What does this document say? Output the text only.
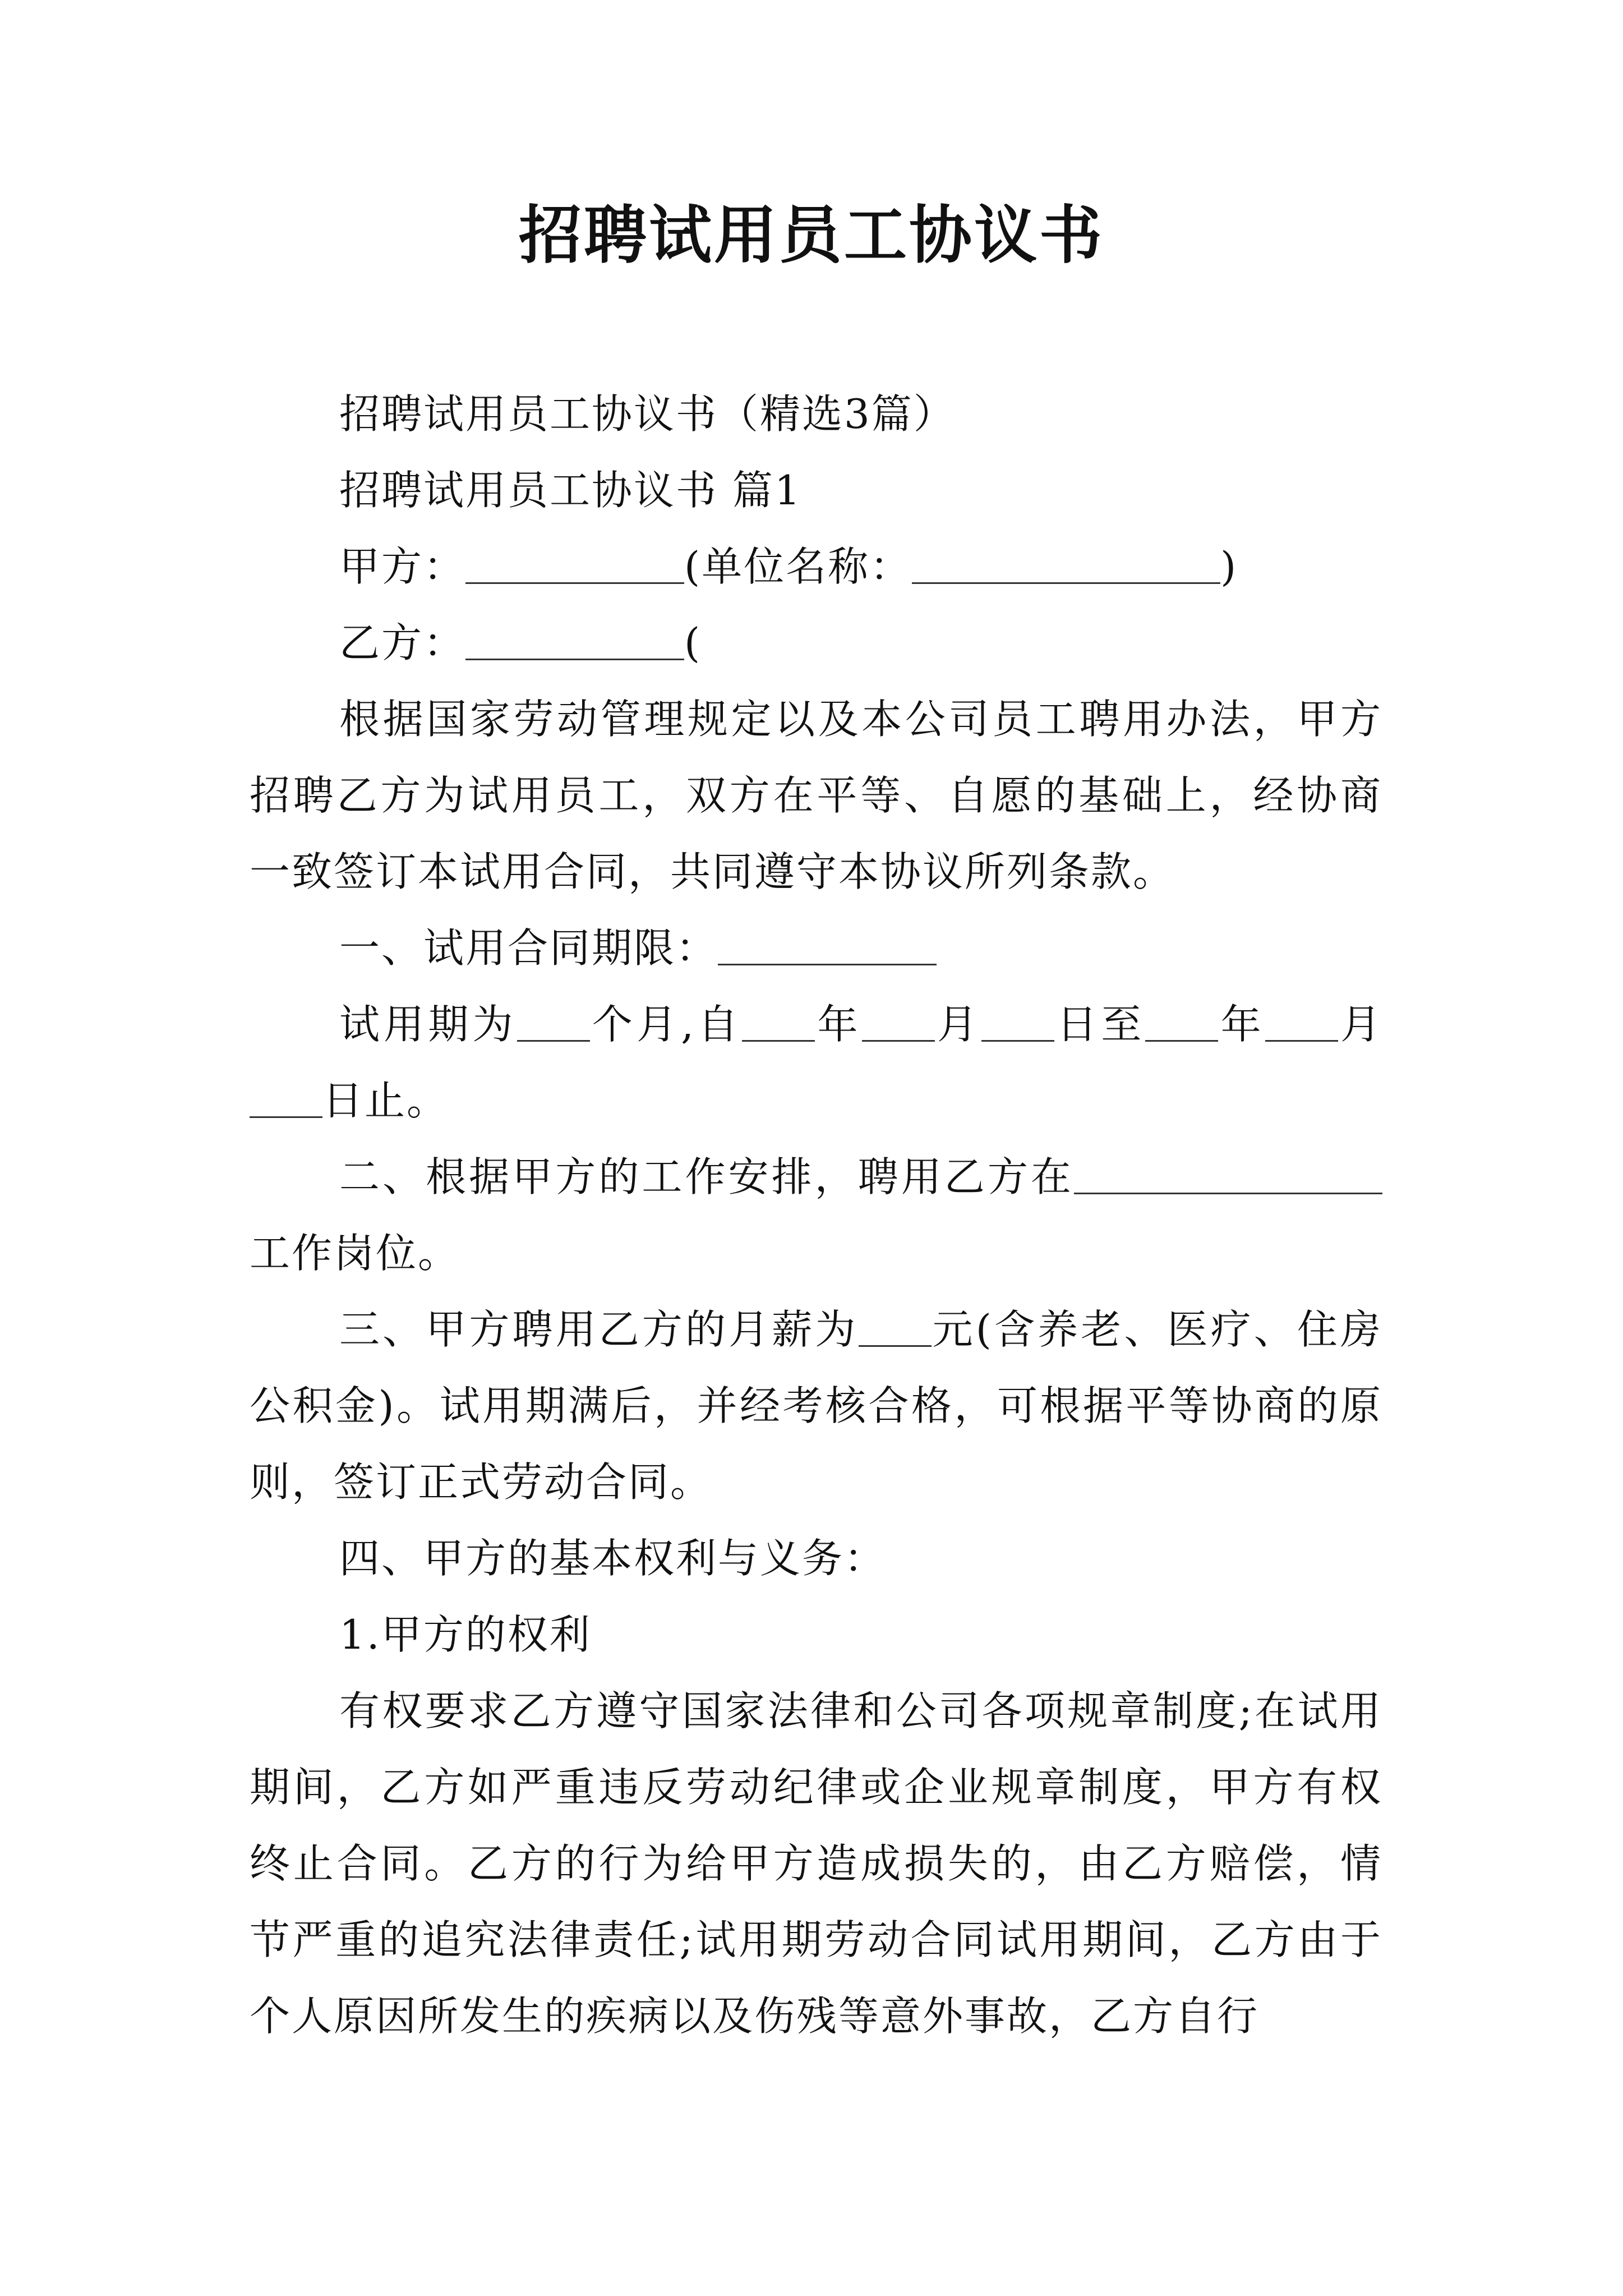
招聘试用员工协议书

招聘试用员工协议书（精选3篇）

招聘试用员工协议书 篇1

甲方：	(单位名称：	)

乙方：	(

根据国家劳动管理规定以及本公司员工聘用办法，甲方招聘乙方为试用员工，双方在平等、自愿的基础上，经协商一致签订本试用合同，共同遵守本协议所列条款。

一、试用合同期限：

试用期为 个月,自 年 月 日至 年 月日止。

二、根据甲方的工作安排，聘用乙方在工作岗位。

三、甲方聘用乙方的月薪为 元(含养老、医疗、住房公积金)。试用期满后，并经考核合格，可根据平等协商的原则，签订正式劳动合同。

四、甲方的基本权利与义务：

1.甲方的权利

有权要求乙方遵守国家法律和公司各项规章制度;在试用期间，乙方如严重违反劳动纪律或企业规章制度，甲方有权终止合同。乙方的行为给甲方造成损失的，由乙方赔偿，情节严重的追究法律责任;试用期劳动合同试用期间，乙方由于个人原因所发生的疾病以及伤残等意外事故，乙方自行
